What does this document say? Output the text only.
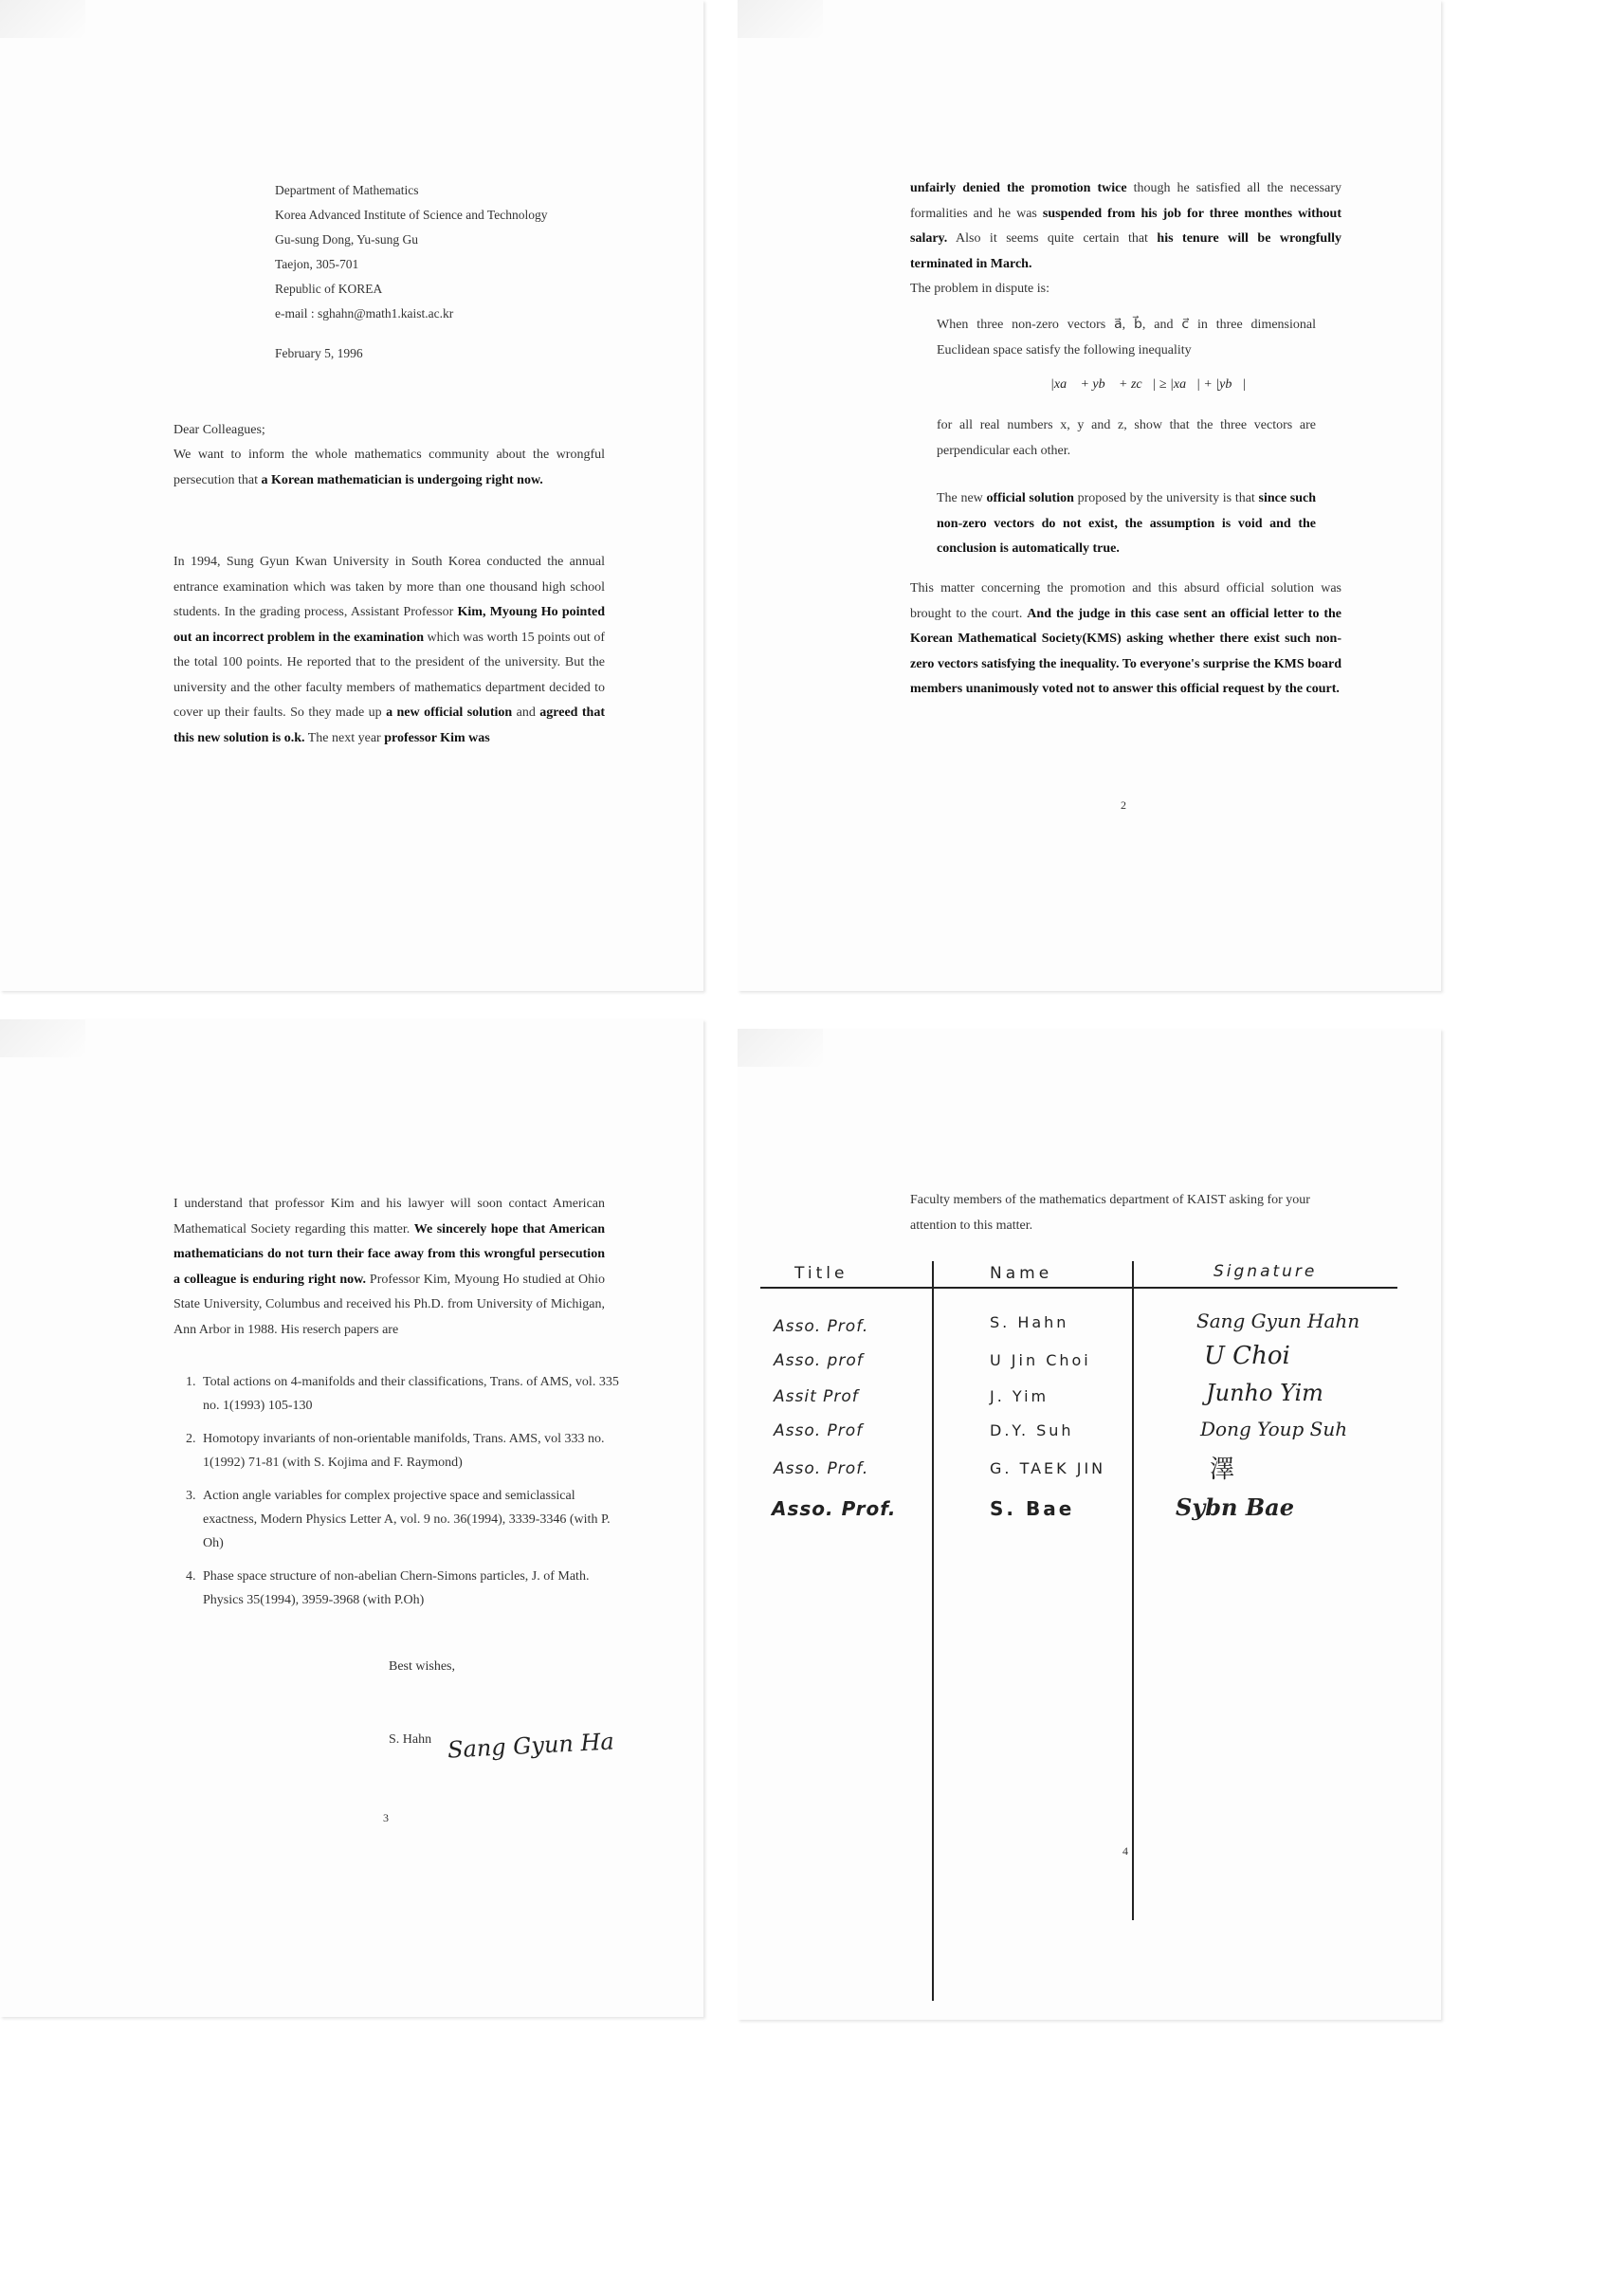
Department of Mathematics
Korea Advanced Institute of Science and Technology
Gu-sung Dong, Yu-sung Gu
Taejon, 305-701
Republic of KOREA
e-mail : sghahn@math1.kaist.ac.kr
February 5, 1996
Dear Colleagues;

We want to inform the whole mathematics community about the wrongful persecution that a Korean mathematician is undergoing right now.

In 1994, Sung Gyun Kwan University in South Korea conducted the annual entrance examination which was taken by more than one thousand high school students. In the grading process, Assistant Professor Kim, Myoung Ho pointed out an incorrect problem in the examination which was worth 15 points out of the total 100 points. He reported that to the president of the university. But the university and the other faculty members of mathematics department decided to cover up their faults. So they made up a new official solution and agreed that this new solution is o.k. The next year professor Kim was

unfairly denied the promotion twice though he satisfied all the necessary formalities and he was suspended from his job for three monthes without salary. Also it seems quite certain that his tenure will be wrongfully terminated in March.

The problem in dispute is:

When three non-zero vectors a⃗, b⃗, and c⃗ in three dimensional Euclidean space satisfy the following inequality

|xa⃗ + yb⃗ + zc⃗| ≥ |xa⃗| + |yb⃗|

for all real numbers x, y and z, show that the three vectors are perpendicular each other.

The new official solution proposed by the university is that since such non-zero vectors do not exist, the assumption is void and the conclusion is automatically true.

This matter concerning the promotion and this absurd official solution was brought to the court. And the judge in this case sent an official letter to the Korean Mathematical Society(KMS) asking whether there exist such non-zero vectors satisfying the inequality. To everyone's surprise the KMS board members unanimously voted not to answer this official request by the court.

2

I understand that professor Kim and his lawyer will soon contact American Mathematical Society regarding this matter. We sincerely hope that American mathematicians do not turn their face away from this wrongful persecution a colleague is enduring right now. Professor Kim, Myoung Ho studied at Ohio State University, Columbus and received his Ph.D. from University of Michigan, Ann Arbor in 1988. His reserch papers are

1. Total actions on 4-manifolds and their classifications, Trans. of AMS, vol. 335 no. 1(1993) 105-130
2. Homotopy invariants of non-orientable manifolds, Trans. AMS, vol 333 no. 1(1992) 71-81 (with S. Kojima and F. Raymond)
3. Action angle variables for complex projective space and semiclassical exactness, Modern Physics Letter A, vol. 9 no. 36(1994), 3339-3346 (with P. Oh)
4. Phase space structure of non-abelian Chern-Simons particles, J. of Math. Physics 35(1994), 3959-3968 (with P.Oh)
Best wishes,
S. Hahn Sang Gyun Ha
3

Faculty members of the mathematics department of KAIST asking for your attention to this matter.

Title	Name	Signature
Asso. Prof.	S. Hahn	Sang Gyun Hahn
Asso. prof	U Jin Choi	U Choi
Assit Prof	J. Yim	Junho Yim
Asso. Prof	D.Y. Suh	Dong Youp Suh
Asso. Prof.	G. TAEK JIN	澤
Asso. Prof.	S. Bae	Sybn Bae
4
